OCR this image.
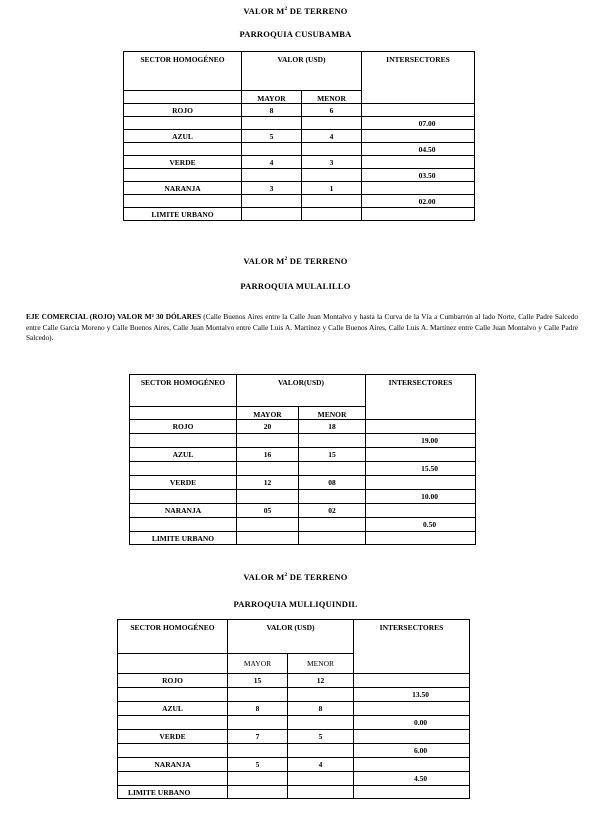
VALOR $M^2$ DE TERRENO
PARROQUIA CUSUBAMBA
SECTOR HOMOGÉNEO	VALOR (USD)		INTERSECTORES
	MAYOR	MENOR	
ROJO	8	6	
			07.00
AZUL	5	4	
			04.50
VERDE	4	3	
			03.50
NARANJA	3	1	
			02.00
LIMITE URBANO			
VALOR $M^2$ DE TERRENO
PARROQUIA MULALILLO
EJE COMERCIAL (ROJO) VALOR M² 30 DÓLARES (Calle Buenos Aires entre la Calle Juan Montalvo y hasta la Curva de la Vía a Cumbarrón al lado Norte, Calle Padre Salcedo entre Calle García Moreno y Calle Buenos Aires, Calle Juan Montalvo entre Calle Luis A. Martínez y Calle Buenos Aires, Calle Luis A. Martínez entre Calle Juan Montalvo y Calle Padre Salcedo).
SECTOR HOMOGÉNEO	VALOR(USD)		INTERSECTORES
	MAYOR	MENOR	
ROJO	20	18	
			19.00
AZUL	16	15	
			15.50
VERDE	12	08	
			10.00
NARANJA	05	02	
			0.50
LIMITE URBANO			
VALOR $M^2$ DE TERRENO
PARROQUIA MULLIQUINDIL
SECTOR HOMOGÉNEO	VALOR (USD)		INTERSECTORES
	MAYOR	MENOR	
ROJO	15	12	
			13.50
AZUL	8	8	
			0.00
VERDE	7	5	
			6.00
NARANJA	5	4	
			4.50
LIMITE URBANO			
